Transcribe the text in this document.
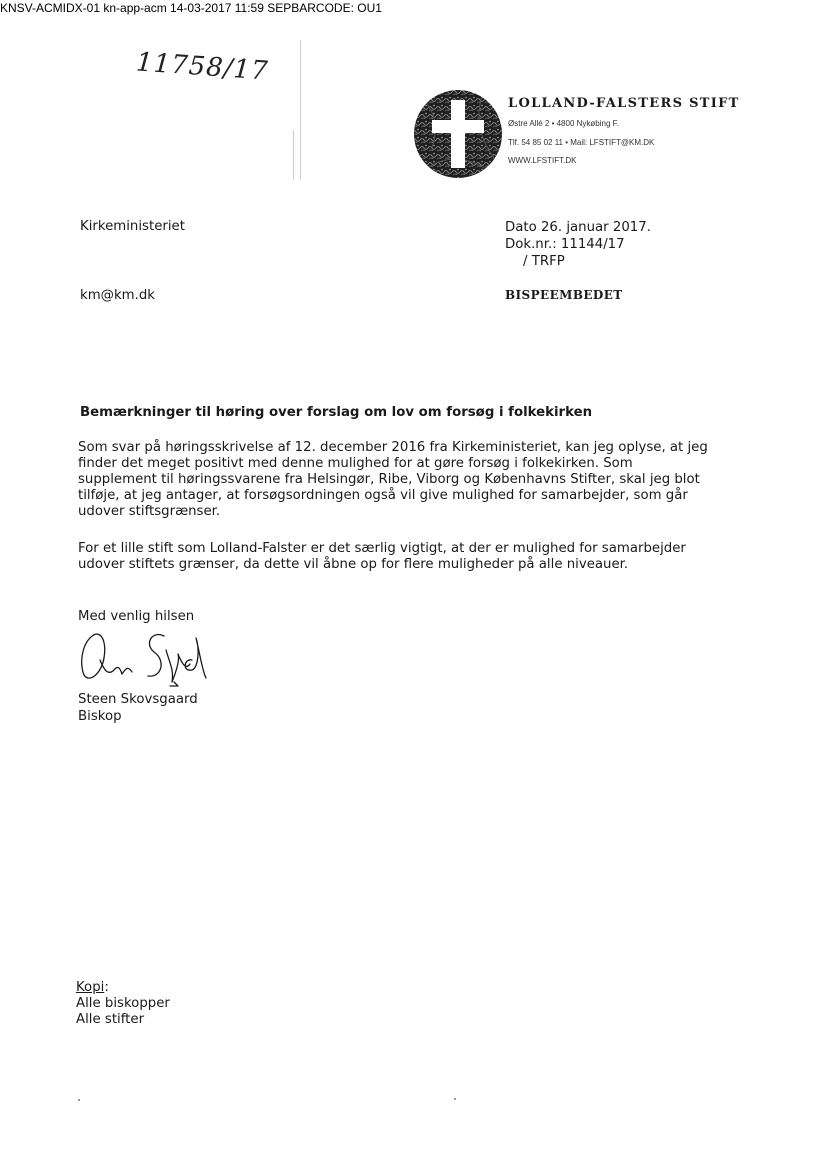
KNSV-ACMIDX-01 kn-app-acm 14-03-2017 11:59 SEPBARCODE: OU1
11758/17
LOLLAND-FALSTERS STIFT
Østre Allé 2 • 4800 Nykøbing F.
Tlf. 54 85 02 11 • Mail: LFSTIFT@KM.DK
WWW.LFSTIFT.DK
Kirkeministeriet
km@km.dk
Dato 26. januar 2017.
Dok.nr.: 11144/17
/ TRFP
BISPEEMBEDET
Bemærkninger til høring over forslag om lov om forsøg i folkekirken

Som svar på høringsskrivelse af 12. december 2016 fra Kirkeministeriet, kan jeg oplyse, at jeg

finder det meget positivt med denne mulighed for at gøre forsøg i folkekirken. Som

supplement til høringssvarene fra Helsingør, Ribe, Viborg og Københavns Stifter, skal jeg blot

tilføje, at jeg antager, at forsøgsordningen også vil give mulighed for samarbejder, som går

udover stiftsgrænser.

For et lille stift som Lolland-Falster er det særlig vigtigt, at der er mulighed for samarbejder

udover stiftets grænser, da dette vil åbne op for flere muligheder på alle niveauer.

Med venlig hilsen
Steen Skovsgaard
Biskop
Kopi:
Alle biskopper
Alle stifter
